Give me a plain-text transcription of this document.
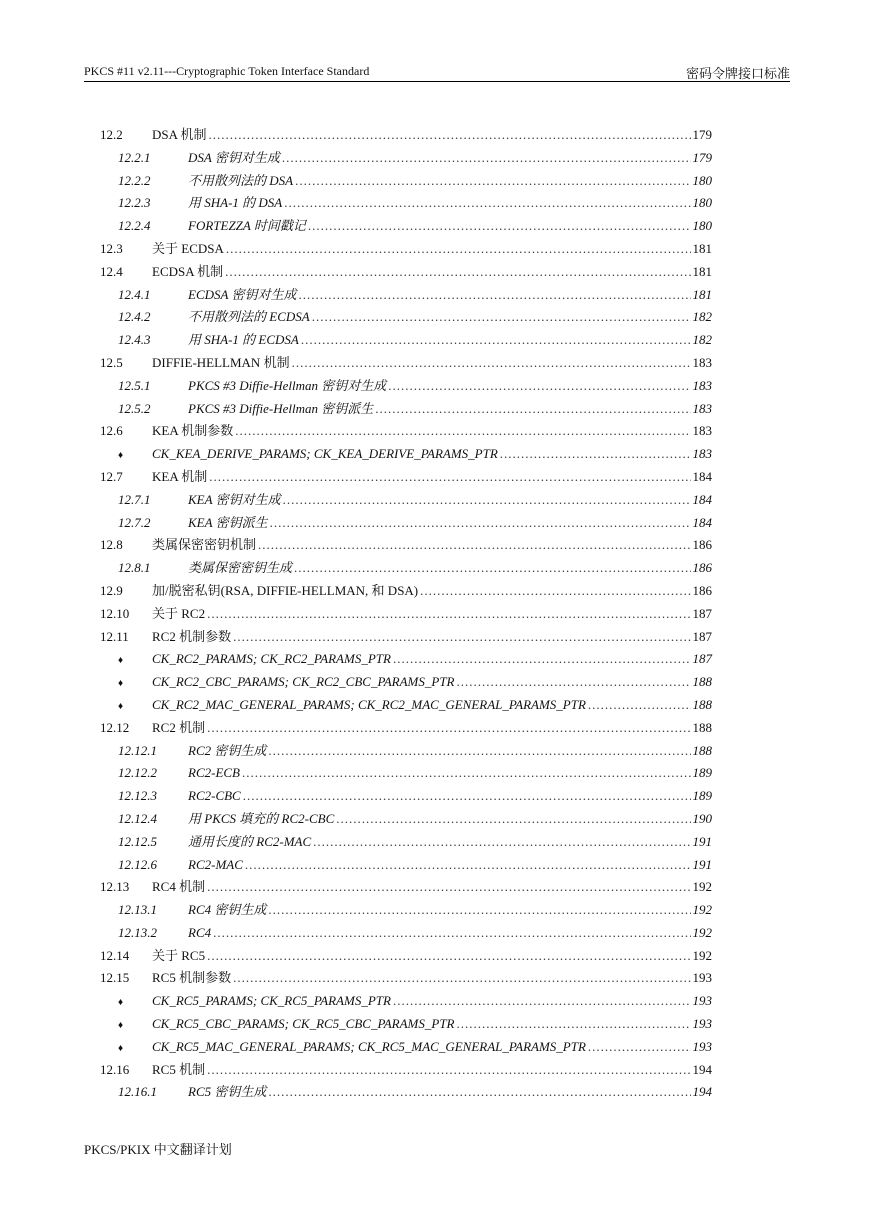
PKCS #11 v2.11---Cryptographic Token Interface Standard	密码令牌接口标准
12.2	DSA 机制 .....	179
12.2.1	DSA 密钥对生成 .....	179
12.2.2	不用散列法的 DSA .....	180
12.2.3	用 SHA-1 的 DSA .....	180
12.2.4	FORTEZZA 时间戳记 .....	180
12.3	关于 ECDSA .....	181
12.4	ECDSA 机制 .....	181
12.4.1	ECDSA 密钥对生成 .....	181
12.4.2	不用散列法的 ECDSA .....	182
12.4.3	用 SHA-1 的 ECDSA .....	182
12.5	DIFFIE-HELLMAN 机制 .....	183
12.5.1	PKCS #3 Diffie-Hellman 密钥对生成 .....	183
12.5.2	PKCS #3 Diffie-Hellman 密钥派生 .....	183
12.6	KEA 机制参数 .....	183
♦	CK_KEA_DERIVE_PARAMS; CK_KEA_DERIVE_PARAMS_PTR .....	183
12.7	KEA 机制 .....	184
12.7.1	KEA 密钥对生成 .....	184
12.7.2	KEA 密钥派生 .....	184
12.8	类属保密密钥机制 .....	186
12.8.1	类属保密密钥生成 .....	186
12.9	加/脱密私钥(RSA, DIFFIE-HELLMAN, 和 DSA) .....	186
12.10	关于 RC2 .....	187
12.11	RC2 机制参数 .....	187
♦	CK_RC2_PARAMS; CK_RC2_PARAMS_PTR .....	187
♦	CK_RC2_CBC_PARAMS; CK_RC2_CBC_PARAMS_PTR .....	188
♦	CK_RC2_MAC_GENERAL_PARAMS; CK_RC2_MAC_GENERAL_PARAMS_PTR .....	188
12.12	RC2 机制 .....	188
12.12.1	RC2 密钥生成 .....	188
12.12.2	RC2-ECB .....	189
12.12.3	RC2-CBC .....	189
12.12.4	用 PKCS 填充的 RC2-CBC .....	190
12.12.5	通用长度的 RC2-MAC .....	191
12.12.6	RC2-MAC .....	191
12.13	RC4 机制 .....	192
12.13.1	RC4 密钥生成 .....	192
12.13.2	RC4 .....	192
12.14	关于 RC5 .....	192
12.15	RC5 机制参数 .....	193
♦	CK_RC5_PARAMS; CK_RC5_PARAMS_PTR .....	193
♦	CK_RC5_CBC_PARAMS; CK_RC5_CBC_PARAMS_PTR .....	193
♦	CK_RC5_MAC_GENERAL_PARAMS; CK_RC5_MAC_GENERAL_PARAMS_PTR .....	193
12.16	RC5 机制 .....	194
12.16.1	RC5 密钥生成 .....	194
PKCS/PKIX 中文翻译计划
